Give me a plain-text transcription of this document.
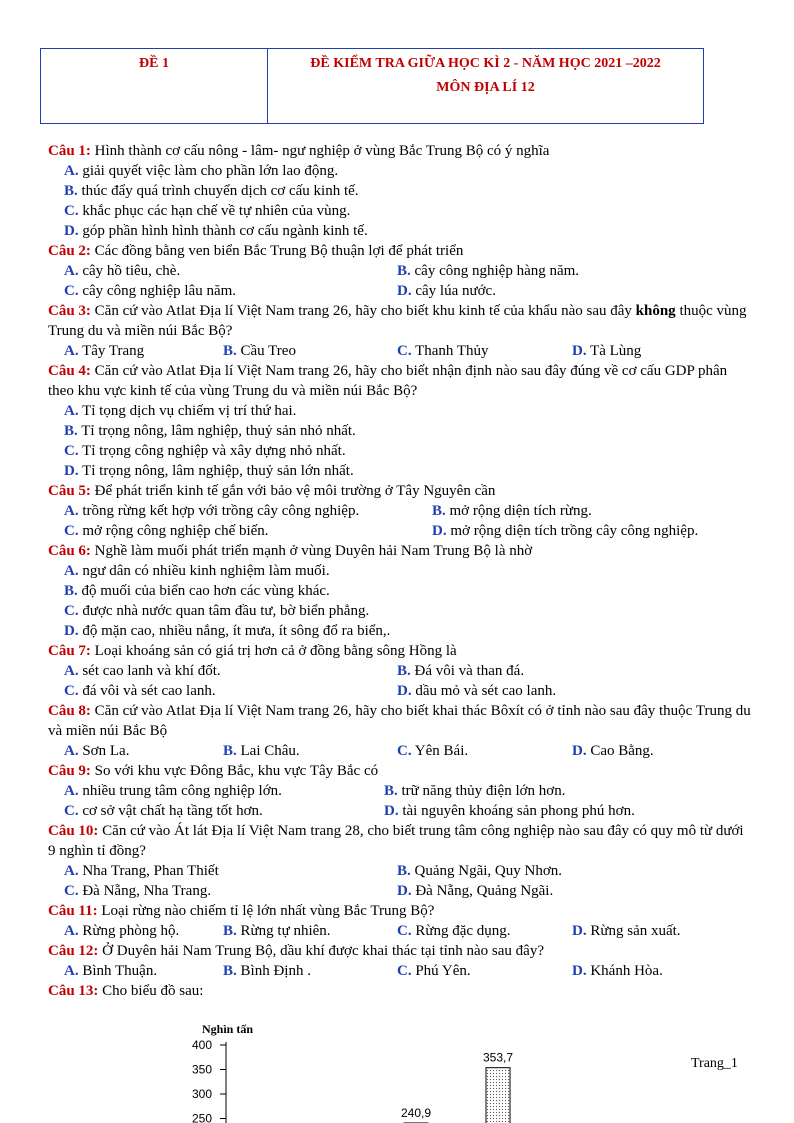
ĐỀ 1	ĐỀ KIỂM TRA GIỮA HỌC KÌ 2 - NĂM HỌC 2021 –2022
MÔN ĐỊA LÍ 12

Câu 1: Hình thành cơ cấu nông - lâm- ngư nghiệp ở vùng Bắc Trung Bộ có ý nghĩa

A. giải quyết việc làm cho phần lớn lao động.
B. thúc đẩy quá trình chuyển dịch cơ cấu kinh tế.
C. khắc phục các hạn chế về tự nhiên của vùng.
D. góp phần hình hình thành cơ cấu ngành kinh tế.

Câu 2: Các đồng bằng ven biển Bắc Trung Bộ thuận lợi để phát triển

A. cây hồ tiêu, chè.	B. cây công nghiệp hàng năm.
C. cây công nghiệp lâu năm.	D. cây lúa nước.

Câu 3: Căn cứ vào Atlat Địa lí Việt Nam trang 26, hãy cho biết khu kinh tế của khẩu nào sau đây không thuộc vùng Trung du và miền núi Bắc Bộ?

A. Tây Trang	B. Cầu Treo	C. Thanh Thủy	D. Tà Lùng

Câu 4: Căn cứ vào Atlat Địa lí Việt Nam trang 26, hãy cho biết nhận định nào sau đây đúng về cơ cấu GDP phân theo khu vực kinh tế của vùng Trung du và miền núi Bắc Bộ?

A. Tỉ tọng dịch vụ chiếm vị trí thứ hai.
B. Tỉ trọng nông, lâm nghiệp, thuỷ sản nhỏ nhất.
C. Tỉ trọng công nghiệp và xây dựng nhỏ nhất.
D. Tỉ trọng nông, lâm nghiệp, thuỷ sản lớn nhất.

Câu 5: Để phát triển kinh tế gắn với bảo vệ môi trường ở Tây Nguyên cần

A. trồng rừng kết hợp với trồng cây công nghiệp.	B. mở rộng diện tích rừng.
C. mở rộng công nghiệp chế biến.	D. mở rộng diện tích trồng cây công nghiệp.

Câu 6: Nghề làm muối phát triển mạnh ở vùng Duyên hải Nam Trung Bộ là nhờ

A. ngư dân có nhiều kinh nghiệm làm muối.
B. độ muối của biển cao hơn các vùng khác.
C. được nhà nước quan tâm đầu tư, bờ biển phẳng.
D. độ mặn cao, nhiều nắng, ít mưa, ít sông đổ ra biển,.

Câu 7: Loại khoáng sản có giá trị hơn cả ở đồng bằng sông Hồng là

A. sét cao lanh và khí đốt.	B. Đá vôi và than đá.
C. đá vôi và sét cao lanh.	D. dầu mỏ và sét cao lanh.

Câu 8: Căn cứ vào Atlat Địa lí Việt Nam trang 26, hãy cho biết khai thác Bôxít có ở tỉnh nào sau đây thuộc Trung du và miền núi Bắc Bộ

A. Sơn La.	B. Lai Châu.	C. Yên Bái.	D. Cao Bằng.

Câu 9: So với khu vực Đông Bắc, khu vực Tây Bắc có

A. nhiều trung tâm công nghiệp lớn.	B. trữ năng thủy điện lớn hơn.
C. cơ sở vật chất hạ tầng tốt hơn.	D. tài nguyên khoáng sản phong phú hơn.

Câu 10: Căn cứ vào Át lát Địa lí Việt Nam trang 28, cho biết trung tâm công nghiệp nào sau đây có quy mô từ dưới 9 nghìn tỉ đồng?

A. Nha Trang, Phan Thiết	B. Quảng Ngãi, Quy Nhơn.
C. Đà Nẵng, Nha Trang.	D. Đà Nẵng, Quảng Ngãi.

Câu 11: Loại rừng nào chiếm tỉ lệ lớn nhất vùng Bắc Trung Bộ?

A. Rừng phòng hộ.	B. Rừng tự nhiên.	C. Rừng đặc dụng.	D. Rừng sản xuất.

Câu 12: Ở Duyên hải Nam Trung Bộ, dầu khí được khai thác tại tỉnh nào sau đây?

A. Bình Thuận.	B. Bình Định .	C. Phú Yên.	D. Khánh Hòa.

Câu 13: Cho biểu đồ sau:

Nghìn tấn
400
350
300
250	240,9
353,7	Trang_1
